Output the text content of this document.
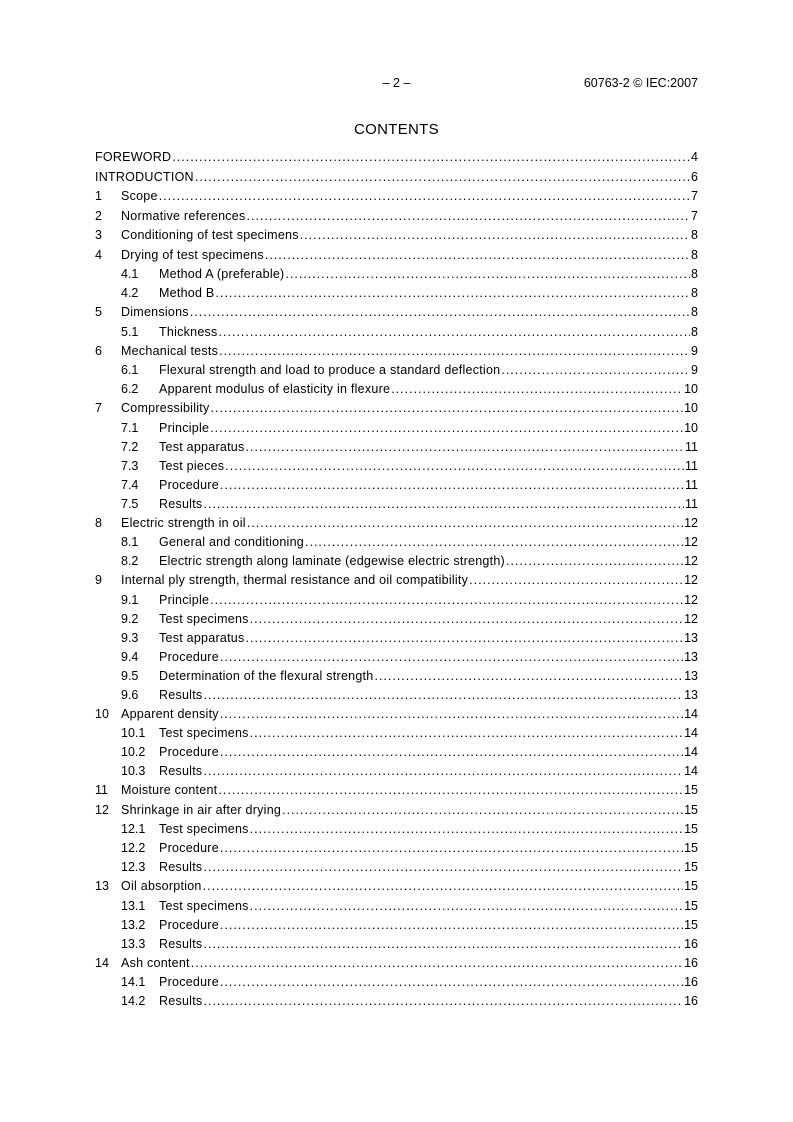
– 2 –	60763-2 © IEC:2007
CONTENTS
FOREWORD .....	4
INTRODUCTION .....	6
1	Scope .....	7
2	Normative references .....	7
3	Conditioning of test specimens .....	8
4	Drying of test specimens .....	8
4.1	Method A (preferable) .....	8
4.2	Method B .....	8
5	Dimensions .....	8
5.1	Thickness .....	8
6	Mechanical tests .....	9
6.1	Flexural strength and load to produce a standard deflection .....	9
6.2	Apparent modulus of elasticity in flexure .....	10
7	Compressibility .....	10
7.1	Principle .....	10
7.2	Test apparatus .....	11
7.3	Test pieces .....	11
7.4	Procedure .....	11
7.5	Results .....	11
8	Electric strength in oil .....	12
8.1	General and conditioning .....	12
8.2	Electric strength along laminate (edgewise electric strength) .....	12
9	Internal ply strength, thermal resistance and oil compatibility .....	12
9.1	Principle .....	12
9.2	Test specimens .....	12
9.3	Test apparatus .....	13
9.4	Procedure .....	13
9.5	Determination of the flexural strength .....	13
9.6	Results .....	13
10 Apparent density .....	14
10.1	Test specimens .....	14
10.2	Procedure .....	14
10.3	Results .....	14
11	Moisture content .....	15
12 Shrinkage in air after drying .....	15
12.1	Test specimens .....	15
12.2	Procedure .....	15
12.3	Results .....	15
13 Oil absorption .....	15
13.1	Test specimens .....	15
13.2	Procedure .....	15
13.3	Results .....	16
14 Ash content .....	16
14.1	Procedure .....	16
14.2	Results .....	16
